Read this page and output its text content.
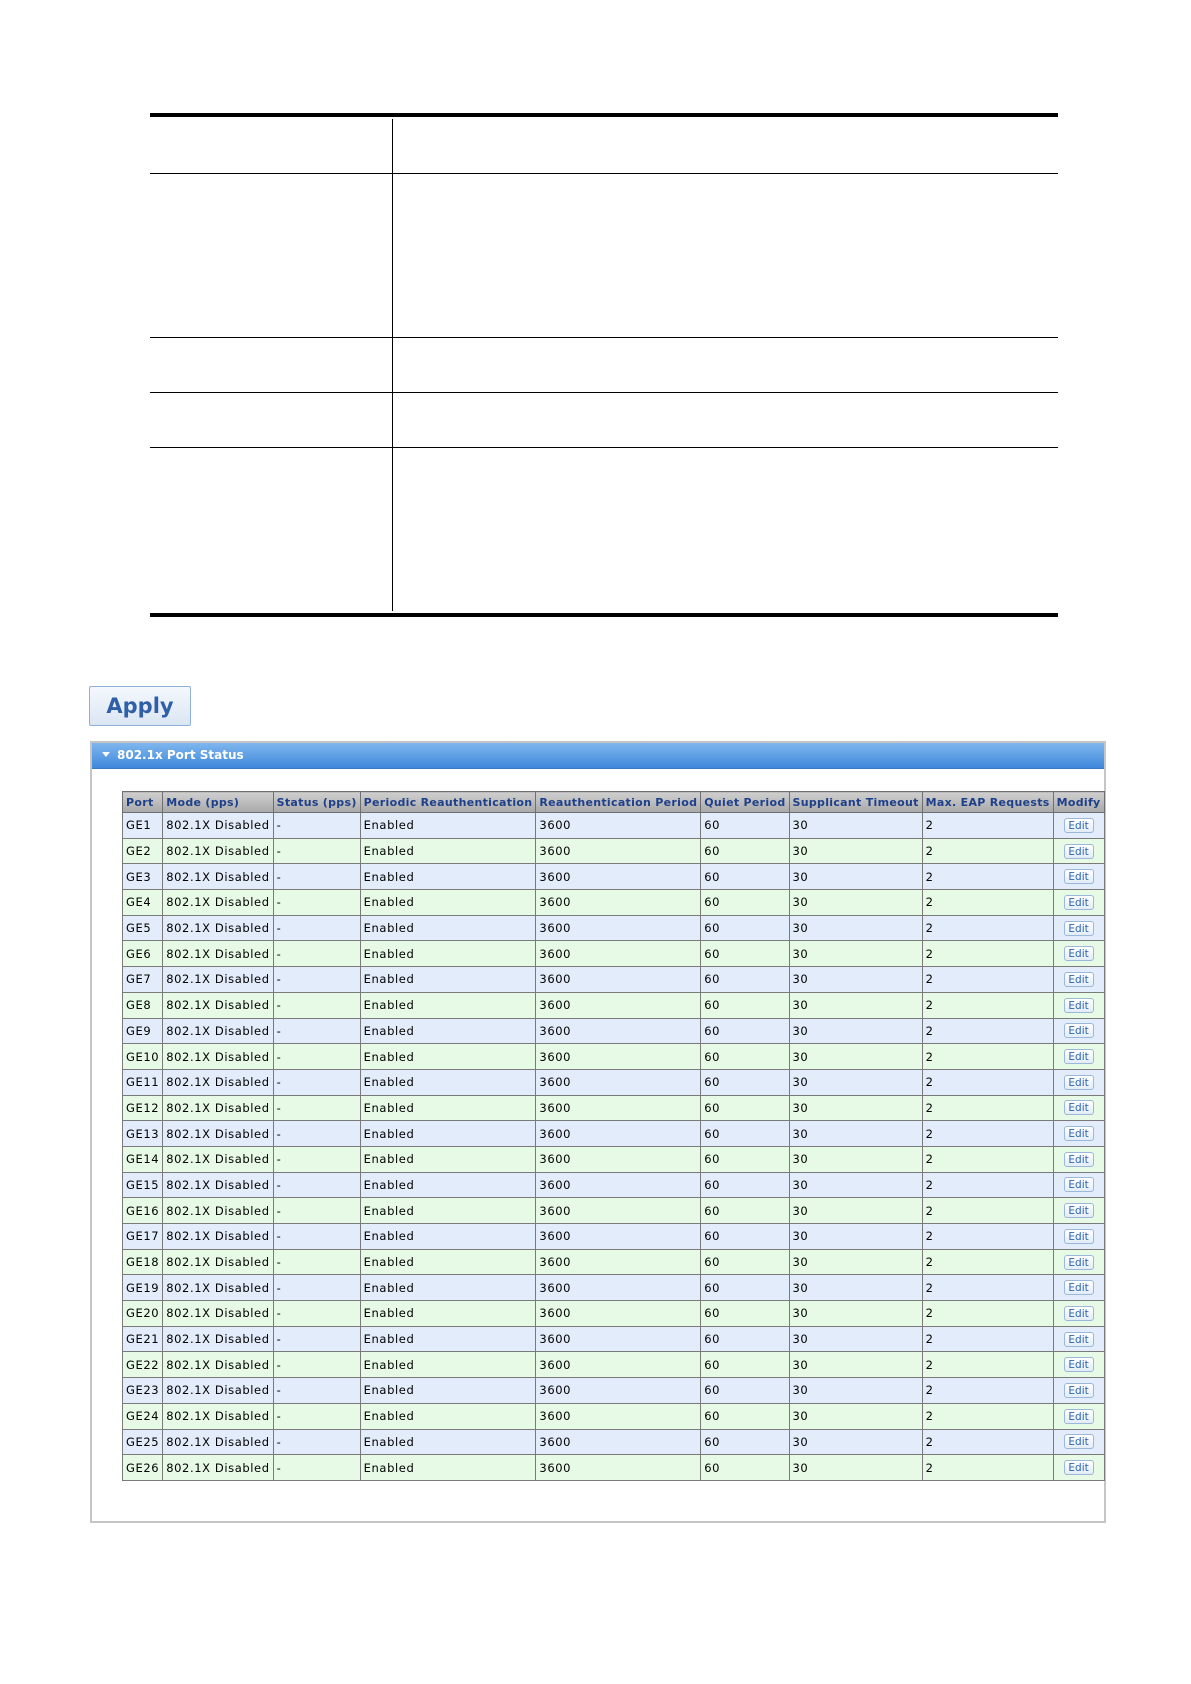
Apply
802.1x Port Status
Port	Mode (pps)	Status (pps)	Periodic Reauthentication	Reauthentication Period	Quiet Period	Supplicant Timeout	Max. EAP Requests	Modify
GE1	802.1X Disabled	-	Enabled	3600	60	30	2	Edit
GE2	802.1X Disabled	-	Enabled	3600	60	30	2	Edit
GE3	802.1X Disabled	-	Enabled	3600	60	30	2	Edit
GE4	802.1X Disabled	-	Enabled	3600	60	30	2	Edit
GE5	802.1X Disabled	-	Enabled	3600	60	30	2	Edit
GE6	802.1X Disabled	-	Enabled	3600	60	30	2	Edit
GE7	802.1X Disabled	-	Enabled	3600	60	30	2	Edit
GE8	802.1X Disabled	-	Enabled	3600	60	30	2	Edit
GE9	802.1X Disabled	-	Enabled	3600	60	30	2	Edit
GE10	802.1X Disabled	-	Enabled	3600	60	30	2	Edit
GE11	802.1X Disabled	-	Enabled	3600	60	30	2	Edit
GE12	802.1X Disabled	-	Enabled	3600	60	30	2	Edit
GE13	802.1X Disabled	-	Enabled	3600	60	30	2	Edit
GE14	802.1X Disabled	-	Enabled	3600	60	30	2	Edit
GE15	802.1X Disabled	-	Enabled	3600	60	30	2	Edit
GE16	802.1X Disabled	-	Enabled	3600	60	30	2	Edit
GE17	802.1X Disabled	-	Enabled	3600	60	30	2	Edit
GE18	802.1X Disabled	-	Enabled	3600	60	30	2	Edit
GE19	802.1X Disabled	-	Enabled	3600	60	30	2	Edit
GE20	802.1X Disabled	-	Enabled	3600	60	30	2	Edit
GE21	802.1X Disabled	-	Enabled	3600	60	30	2	Edit
GE22	802.1X Disabled	-	Enabled	3600	60	30	2	Edit
GE23	802.1X Disabled	-	Enabled	3600	60	30	2	Edit
GE24	802.1X Disabled	-	Enabled	3600	60	30	2	Edit
GE25	802.1X Disabled	-	Enabled	3600	60	30	2	Edit
GE26	802.1X Disabled	-	Enabled	3600	60	30	2	Edit
